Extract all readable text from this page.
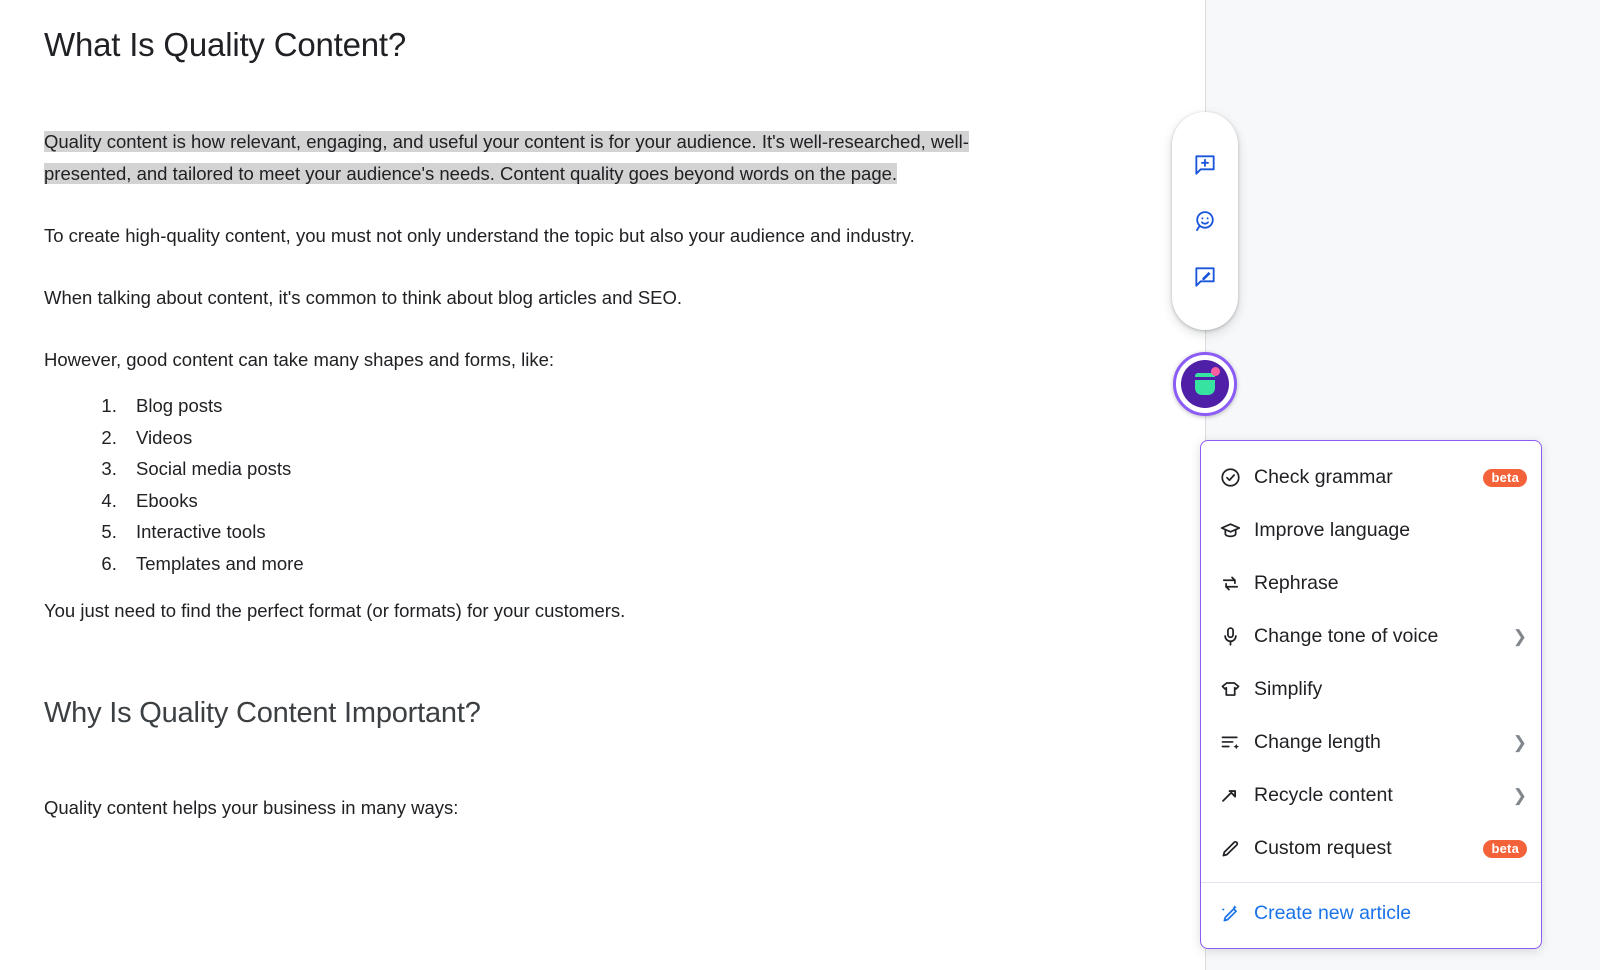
What Is Quality Content?

Quality content is how relevant, engaging, and useful your content is for your audience. It's well-researched, well-presented, and tailored to meet your audience's needs. Content quality goes beyond words on the page.

To create high-quality content, you must not only understand the topic but also your audience and industry.

When talking about content, it's common to think about blog articles and SEO.

However, good content can take many shapes and forms, like:

1. Blog posts
2. Videos
3. Social media posts
4. Ebooks
5. Interactive tools
6. Templates and more

You just need to find the perfect format (or formats) for your customers.

Why Is Quality Content Important?

Quality content helps your business in many ways:

Check grammar	beta
Improve language
Rephrase
Change tone of voice	❯
Simplify
Change length	❯
Recycle content	❯
Custom request	beta
Create new article
